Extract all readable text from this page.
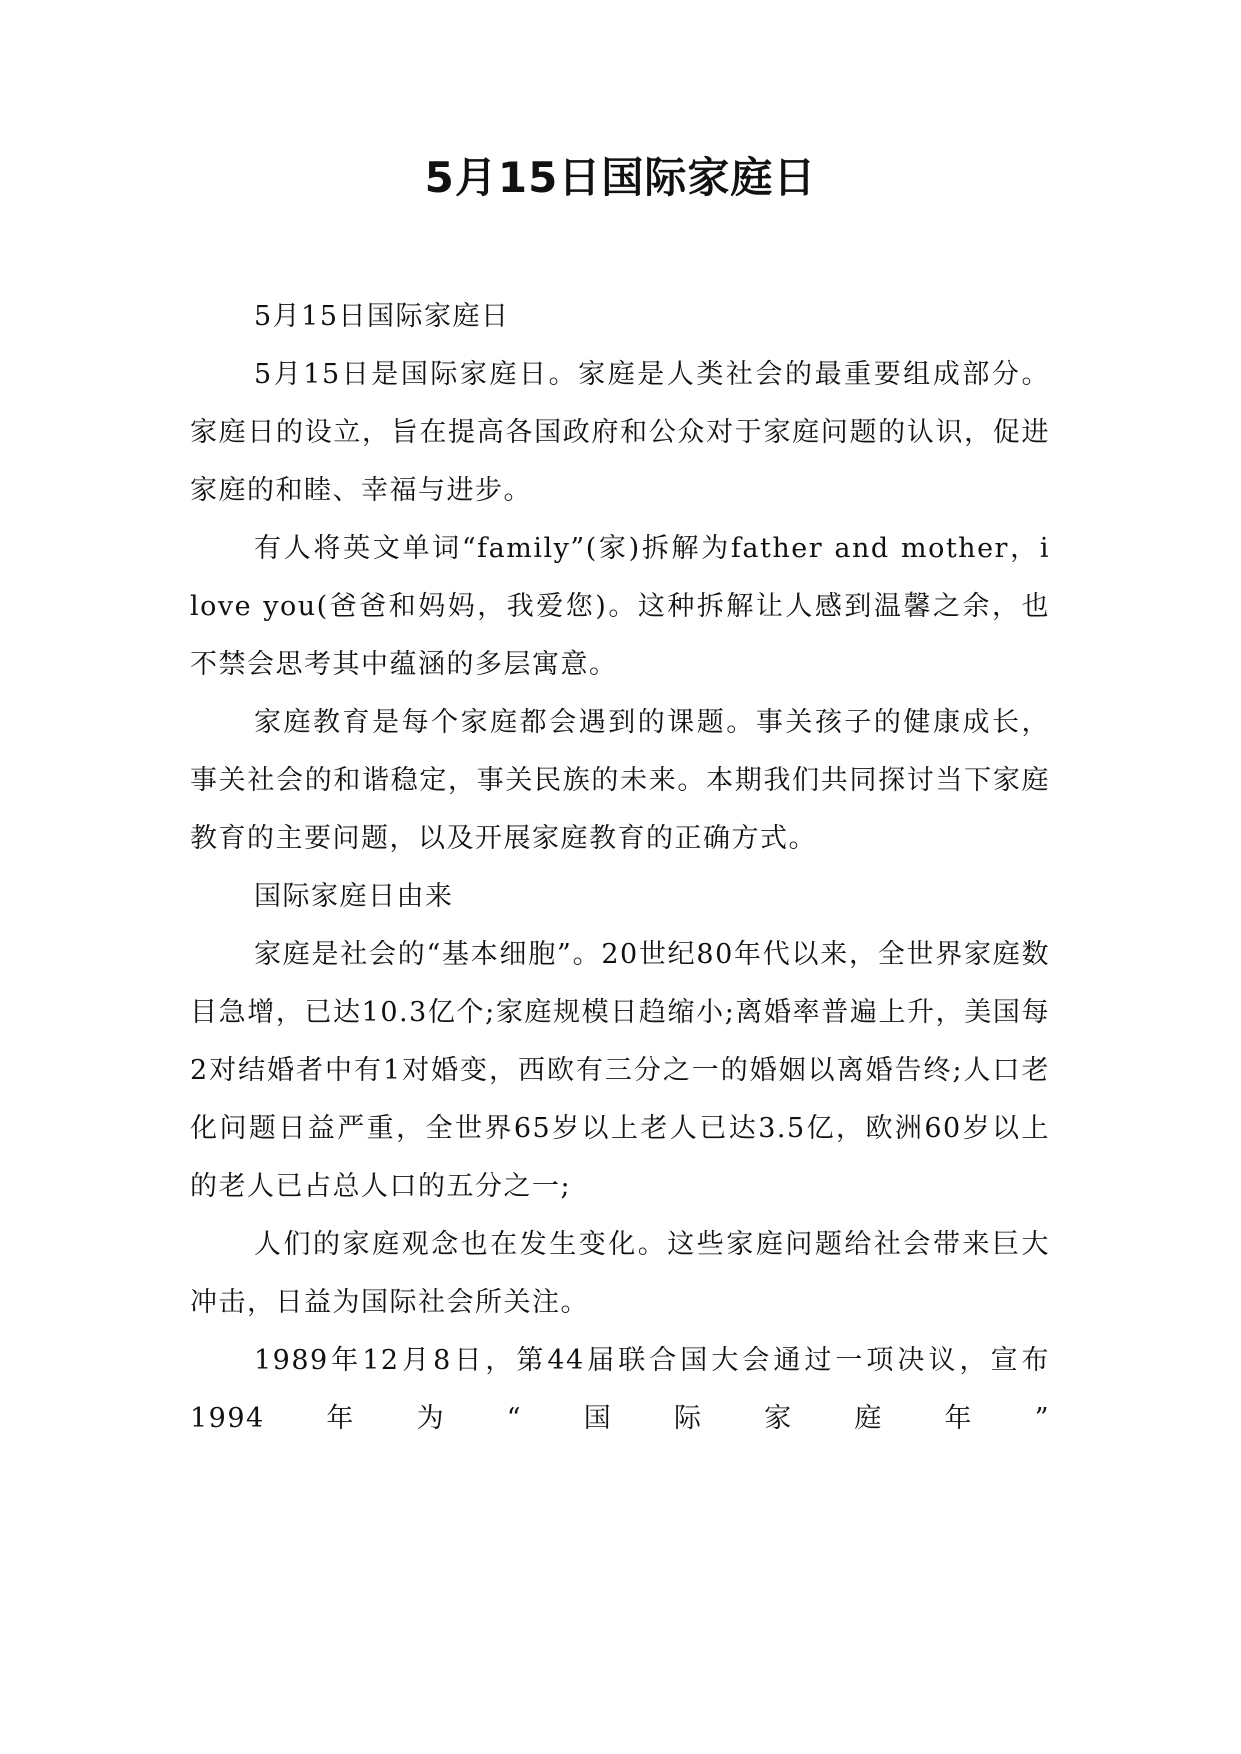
5月15日国际家庭日

5月15日国际家庭日

5月15日是国际家庭日。家庭是人类社会的最重要组成部分。家庭日的设立，旨在提高各国政府和公众对于家庭问题的认识，促进家庭的和睦、幸福与进步。

有人将英文单词“family”(家)拆解为father and mother，i love you(爸爸和妈妈，我爱您)。这种拆解让人感到温馨之余，也不禁会思考其中蕴涵的多层寓意。

家庭教育是每个家庭都会遇到的课题。事关孩子的健康成长，事关社会的和谐稳定，事关民族的未来。本期我们共同探讨当下家庭教育的主要问题，以及开展家庭教育的正确方式。

国际家庭日由来

家庭是社会的“基本细胞”。20世纪80年代以来，全世界家庭数目急增，已达10.3亿个;家庭规模日趋缩小;离婚率普遍上升，美国每2对结婚者中有1对婚变，西欧有三分之一的婚姻以离婚告终;人口老化问题日益严重，全世界65岁以上老人已达3.5亿，欧洲60岁以上的老人已占总人口的五分之一;

人们的家庭观念也在发生变化。这些家庭问题给社会带来巨大冲击，日益为国际社会所关注。

1989年12月8日，第44届联合国大会通过一项决议，宣布1994年为“国际家庭年”
